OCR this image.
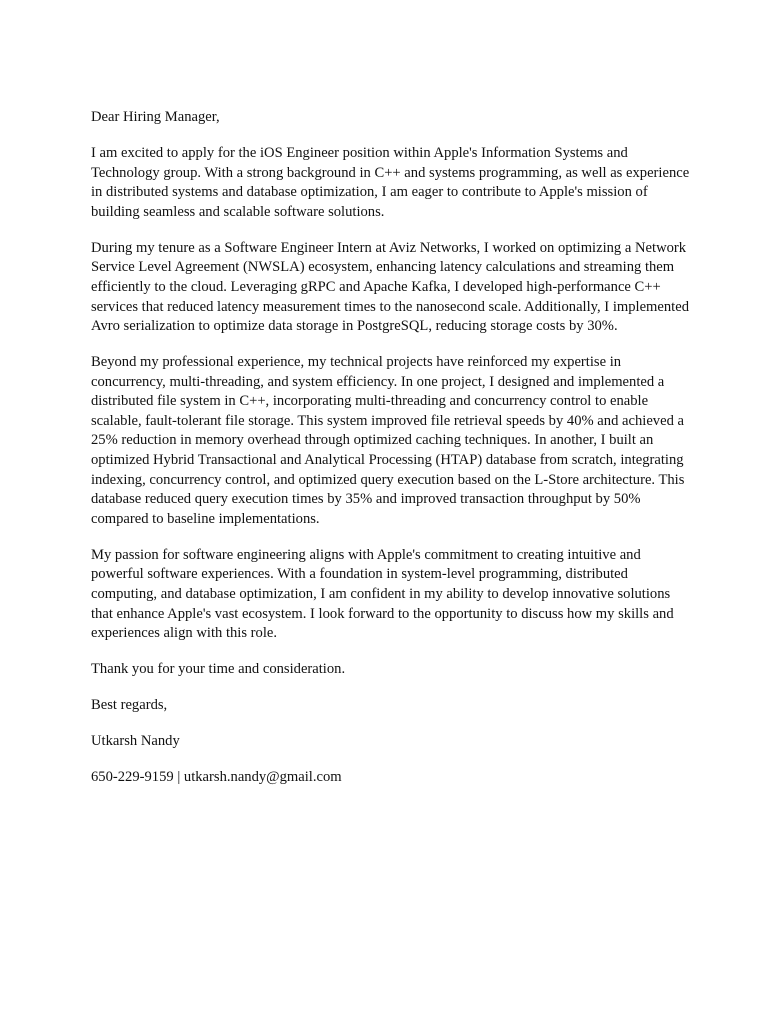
Dear Hiring Manager,

I am excited to apply for the iOS Engineer position within Apple's Information Systems and Technology group. With a strong background in C++ and systems programming, as well as experience in distributed systems and database optimization, I am eager to contribute to Apple's mission of building seamless and scalable software solutions.

During my tenure as a Software Engineer Intern at Aviz Networks, I worked on optimizing a Network Service Level Agreement (NWSLA) ecosystem, enhancing latency calculations and streaming them efficiently to the cloud. Leveraging gRPC and Apache Kafka, I developed high-performance C++ services that reduced latency measurement times to the nanosecond scale. Additionally, I implemented Avro serialization to optimize data storage in PostgreSQL, reducing storage costs by 30%.

Beyond my professional experience, my technical projects have reinforced my expertise in concurrency, multi-threading, and system efficiency. In one project, I designed and implemented a distributed file system in C++, incorporating multi-threading and concurrency control to enable scalable, fault-tolerant file storage. This system improved file retrieval speeds by 40% and achieved a 25% reduction in memory overhead through optimized caching techniques. In another, I built an optimized Hybrid Transactional and Analytical Processing (HTAP) database from scratch, integrating indexing, concurrency control, and optimized query execution based on the L-Store architecture. This database reduced query execution times by 35% and improved transaction throughput by 50% compared to baseline implementations.

My passion for software engineering aligns with Apple's commitment to creating intuitive and powerful software experiences. With a foundation in system-level programming, distributed computing, and database optimization, I am confident in my ability to develop innovative solutions that enhance Apple's vast ecosystem. I look forward to the opportunity to discuss how my skills and experiences align with this role.

Thank you for your time and consideration.

Best regards,

Utkarsh Nandy

650-229-9159 | utkarsh.nandy@gmail.com
